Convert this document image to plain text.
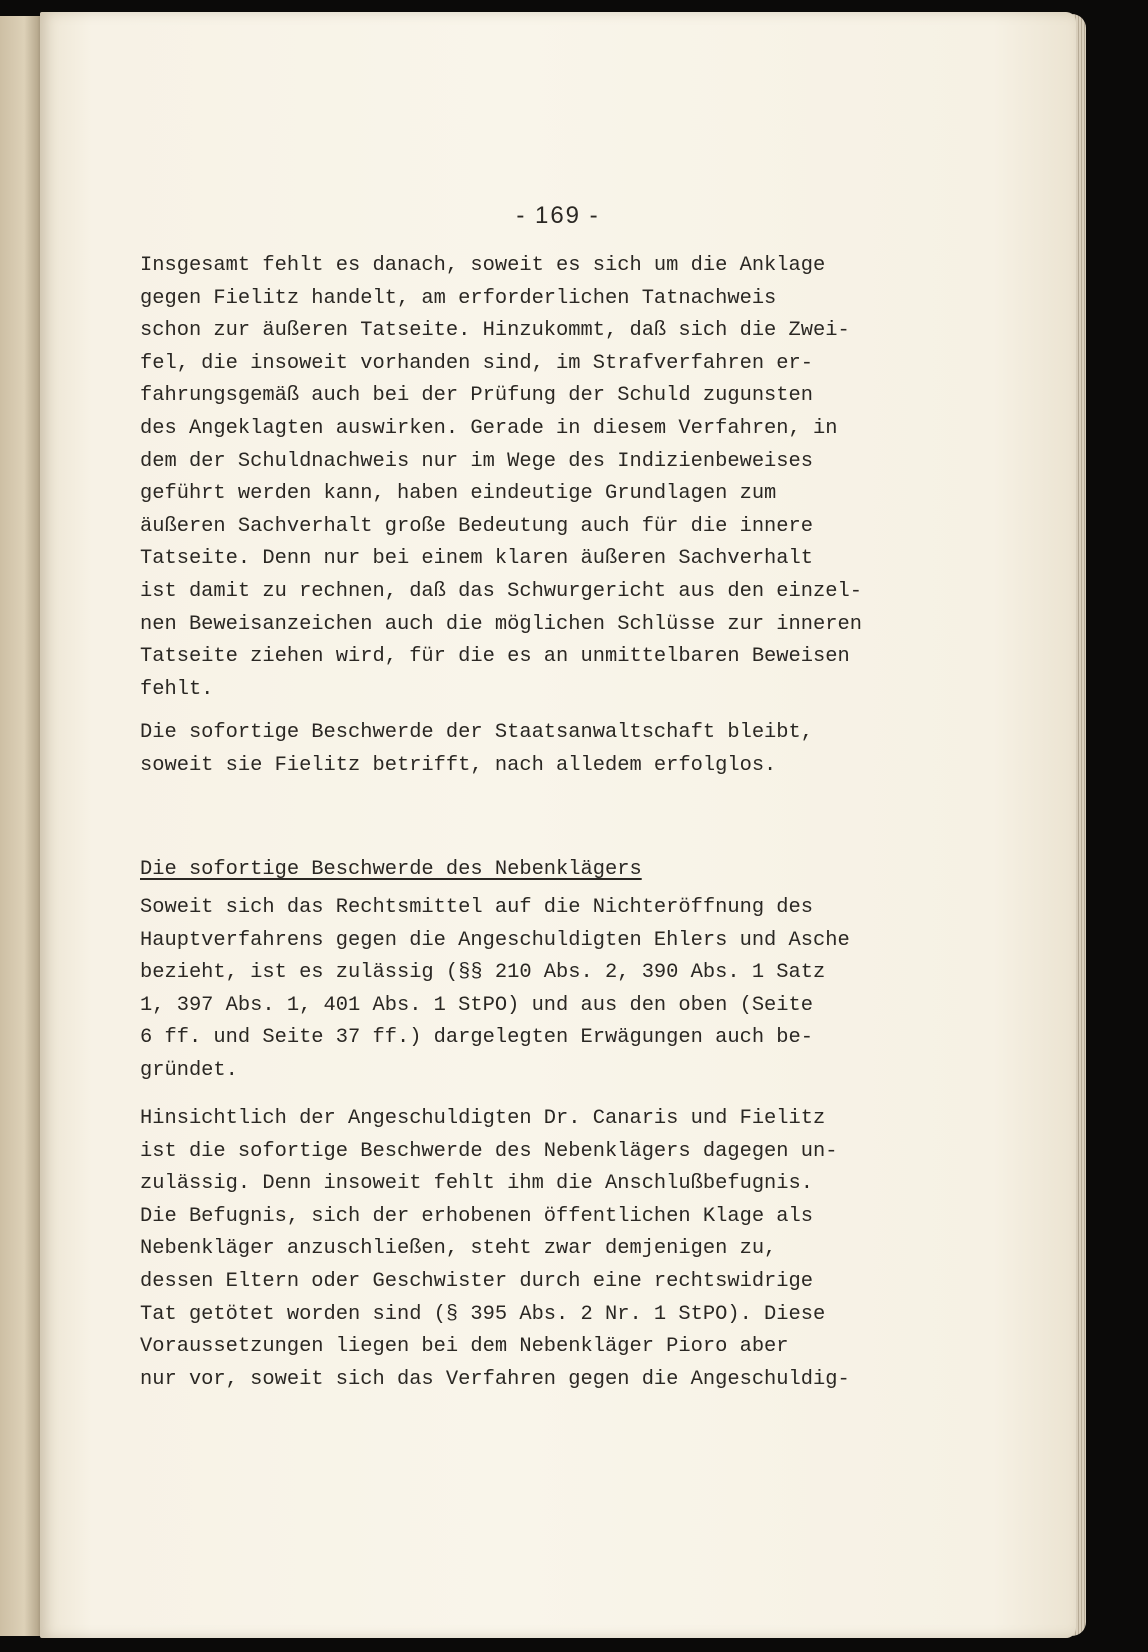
- 169 -
Insgesamt fehlt es danach, soweit es sich um die Anklage
gegen Fielitz handelt, am erforderlichen Tatnachweis
schon zur äußeren Tatseite. Hinzukommt, daß sich die Zwei-
fel, die insoweit vorhanden sind, im Strafverfahren er-
fahrungsgemäß auch bei der Prüfung der Schuld zugunsten
des Angeklagten auswirken. Gerade in diesem Verfahren, in
dem der Schuldnachweis nur im Wege des Indizienbeweises
geführt werden kann, haben eindeutige Grundlagen zum
äußeren Sachverhalt große Bedeutung auch für die innere
Tatseite. Denn nur bei einem klaren äußeren Sachverhalt
ist damit zu rechnen, daß das Schwurgericht aus den einzel-
nen Beweisanzeichen auch die möglichen Schlüsse zur inneren
Tatseite ziehen wird, für die es an unmittelbaren Beweisen
fehlt.
Die sofortige Beschwerde der Staatsanwaltschaft bleibt,
soweit sie Fielitz betrifft, nach alledem erfolglos.
Die sofortige Beschwerde des Nebenklägers
Soweit sich das Rechtsmittel auf die Nichteröffnung des
Hauptverfahrens gegen die Angeschuldigten Ehlers und Asche
bezieht, ist es zulässig (§§ 210 Abs. 2, 390 Abs. 1 Satz
1, 397 Abs. 1, 401 Abs. 1 StPO) und aus den oben (Seite
6 ff. und Seite 37 ff.) dargelegten Erwägungen auch be-
gründet.
Hinsichtlich der Angeschuldigten Dr. Canaris und Fielitz
ist die sofortige Beschwerde des Nebenklägers dagegen un-
zulässig. Denn insoweit fehlt ihm die Anschlußbefugnis.
Die Befugnis, sich der erhobenen öffentlichen Klage als
Nebenkläger anzuschließen, steht zwar demjenigen zu,
dessen Eltern oder Geschwister durch eine rechtswidrige
Tat getötet worden sind (§ 395 Abs. 2 Nr. 1 StPO). Diese
Voraussetzungen liegen bei dem Nebenkläger Pioro aber
nur vor, soweit sich das Verfahren gegen die Angeschuldig-
